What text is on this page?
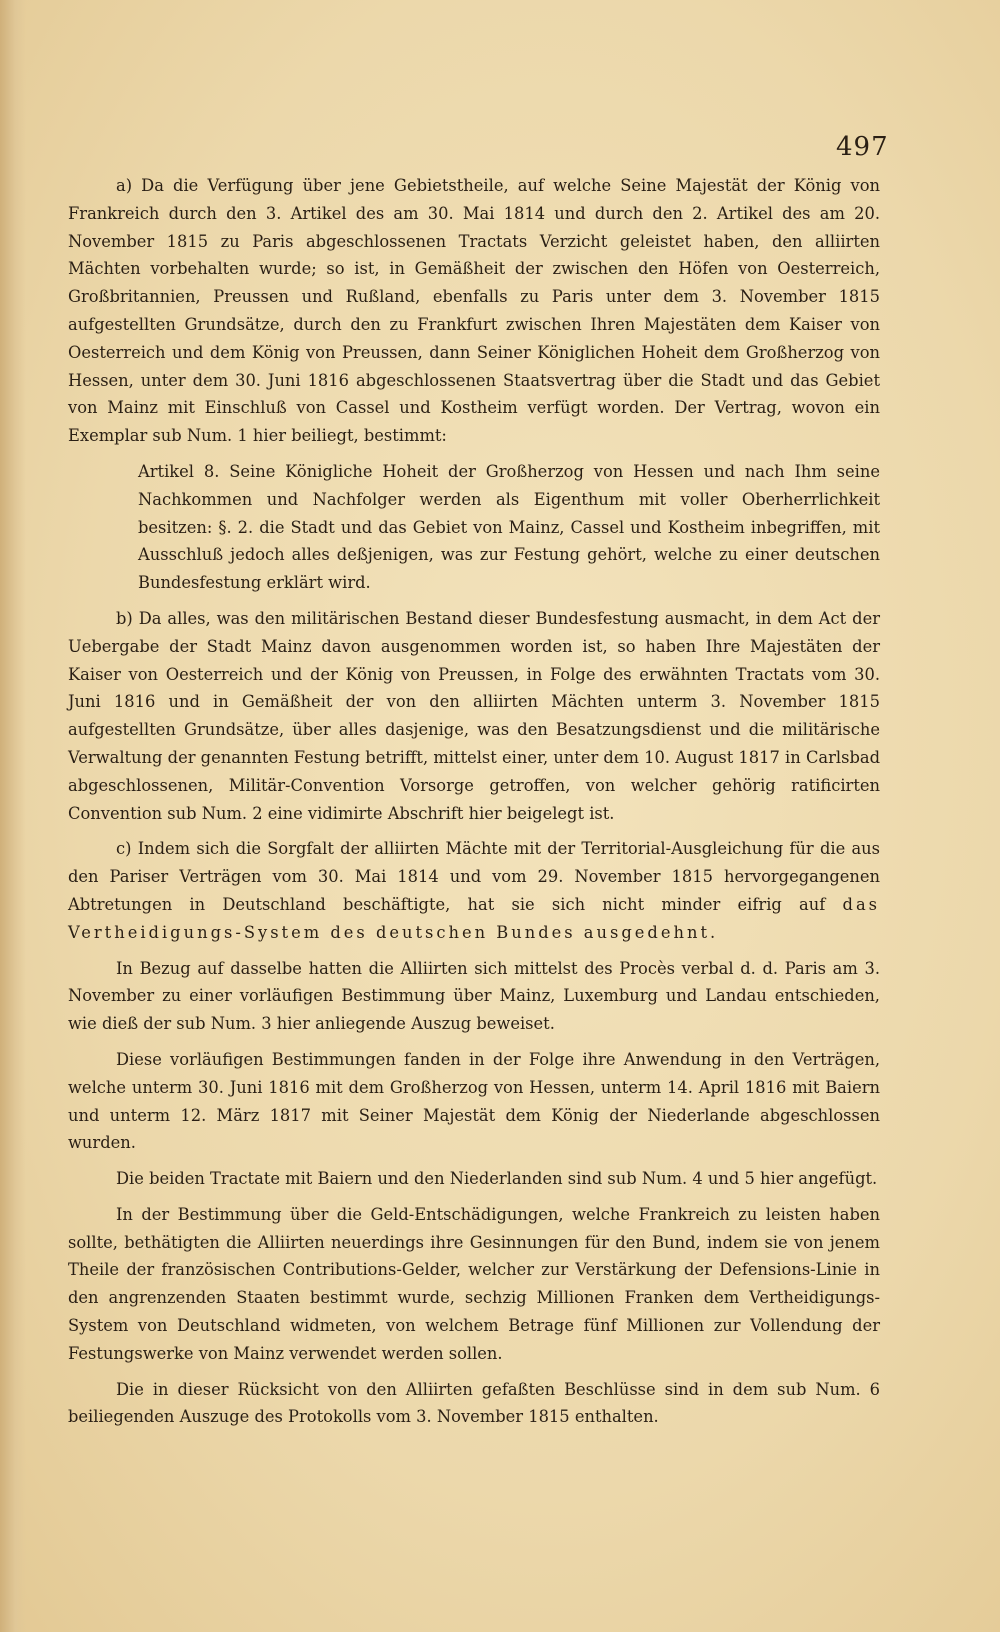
497

a) Da die Verfügung über jene Gebietstheile, auf welche Seine Majestät der König von Frankreich durch den 3. Artikel des am 30. Mai 1814 und durch den 2. Artikel des am 20. November 1815 zu Paris abgeschlossenen Tractats Verzicht geleistet haben, den alliirten Mächten vorbehalten wurde; so ist, in Gemäßheit der zwischen den Höfen von Oesterreich, Großbritannien, Preussen und Rußland, ebenfalls zu Paris unter dem 3. November 1815 aufgestellten Grundsätze, durch den zu Frankfurt zwischen Ihren Majestäten dem Kaiser von Oesterreich und dem König von Preussen, dann Seiner Königlichen Hoheit dem Großherzog von Hessen, unter dem 30. Juni 1816 abgeschlossenen Staatsvertrag über die Stadt und das Gebiet von Mainz mit Einschluß von Cassel und Kostheim verfügt worden. Der Vertrag, wovon ein Exemplar sub Num. 1 hier beiliegt, bestimmt:

Artikel 8. Seine Königliche Hoheit der Großherzog von Hessen und nach Ihm seine Nachkommen und Nachfolger werden als Eigenthum mit voller Oberherrlichkeit besitzen: §. 2. die Stadt und das Gebiet von Mainz, Cassel und Kostheim inbegriffen, mit Ausschluß jedoch alles deßjenigen, was zur Festung gehört, welche zu einer deutschen Bundesfestung erklärt wird.

b) Da alles, was den militärischen Bestand dieser Bundesfestung ausmacht, in dem Act der Uebergabe der Stadt Mainz davon ausgenommen worden ist, so haben Ihre Majestäten der Kaiser von Oesterreich und der König von Preussen, in Folge des erwähnten Tractats vom 30. Juni 1816 und in Gemäßheit der von den alliirten Mächten unterm 3. November 1815 aufgestellten Grundsätze, über alles dasjenige, was den Besatzungsdienst und die militärische Verwaltung der genannten Festung betrifft, mittelst einer, unter dem 10. August 1817 in Carlsbad abgeschlossenen, Militär-Convention Vorsorge getroffen, von welcher gehörig ratificirten Convention sub Num. 2 eine vidimirte Abschrift hier beigelegt ist.

c) Indem sich die Sorgfalt der alliirten Mächte mit der Territorial-Ausgleichung für die aus den Pariser Verträgen vom 30. Mai 1814 und vom 29. November 1815 hervorgegangenen Abtretungen in Deutschland beschäftigte, hat sie sich nicht minder eifrig auf das Vertheidigungs-System des deutschen Bundes ausgedehnt.

In Bezug auf dasselbe hatten die Alliirten sich mittelst des Procès verbal d. d. Paris am 3. November zu einer vorläufigen Bestimmung über Mainz, Luxemburg und Landau entschieden, wie dieß der sub Num. 3 hier anliegende Auszug beweiset.

Diese vorläufigen Bestimmungen fanden in der Folge ihre Anwendung in den Verträgen, welche unterm 30. Juni 1816 mit dem Großherzog von Hessen, unterm 14. April 1816 mit Baiern und unterm 12. März 1817 mit Seiner Majestät dem König der Niederlande abgeschlossen wurden.

Die beiden Tractate mit Baiern und den Niederlanden sind sub Num. 4 und 5 hier angefügt.

In der Bestimmung über die Geld-Entschädigungen, welche Frankreich zu leisten haben sollte, bethätigten die Alliirten neuerdings ihre Gesinnungen für den Bund, indem sie von jenem Theile der französischen Contributions-Gelder, welcher zur Verstärkung der Defensions-Linie in den angrenzenden Staaten bestimmt wurde, sechzig Millionen Franken dem Vertheidigungs-System von Deutschland widmeten, von welchem Betrage fünf Millionen zur Vollendung der Festungswerke von Mainz verwendet werden sollen.

Die in dieser Rücksicht von den Alliirten gefaßten Beschlüsse sind in dem sub Num. 6 beiliegenden Auszuge des Protokolls vom 3. November 1815 enthalten.
